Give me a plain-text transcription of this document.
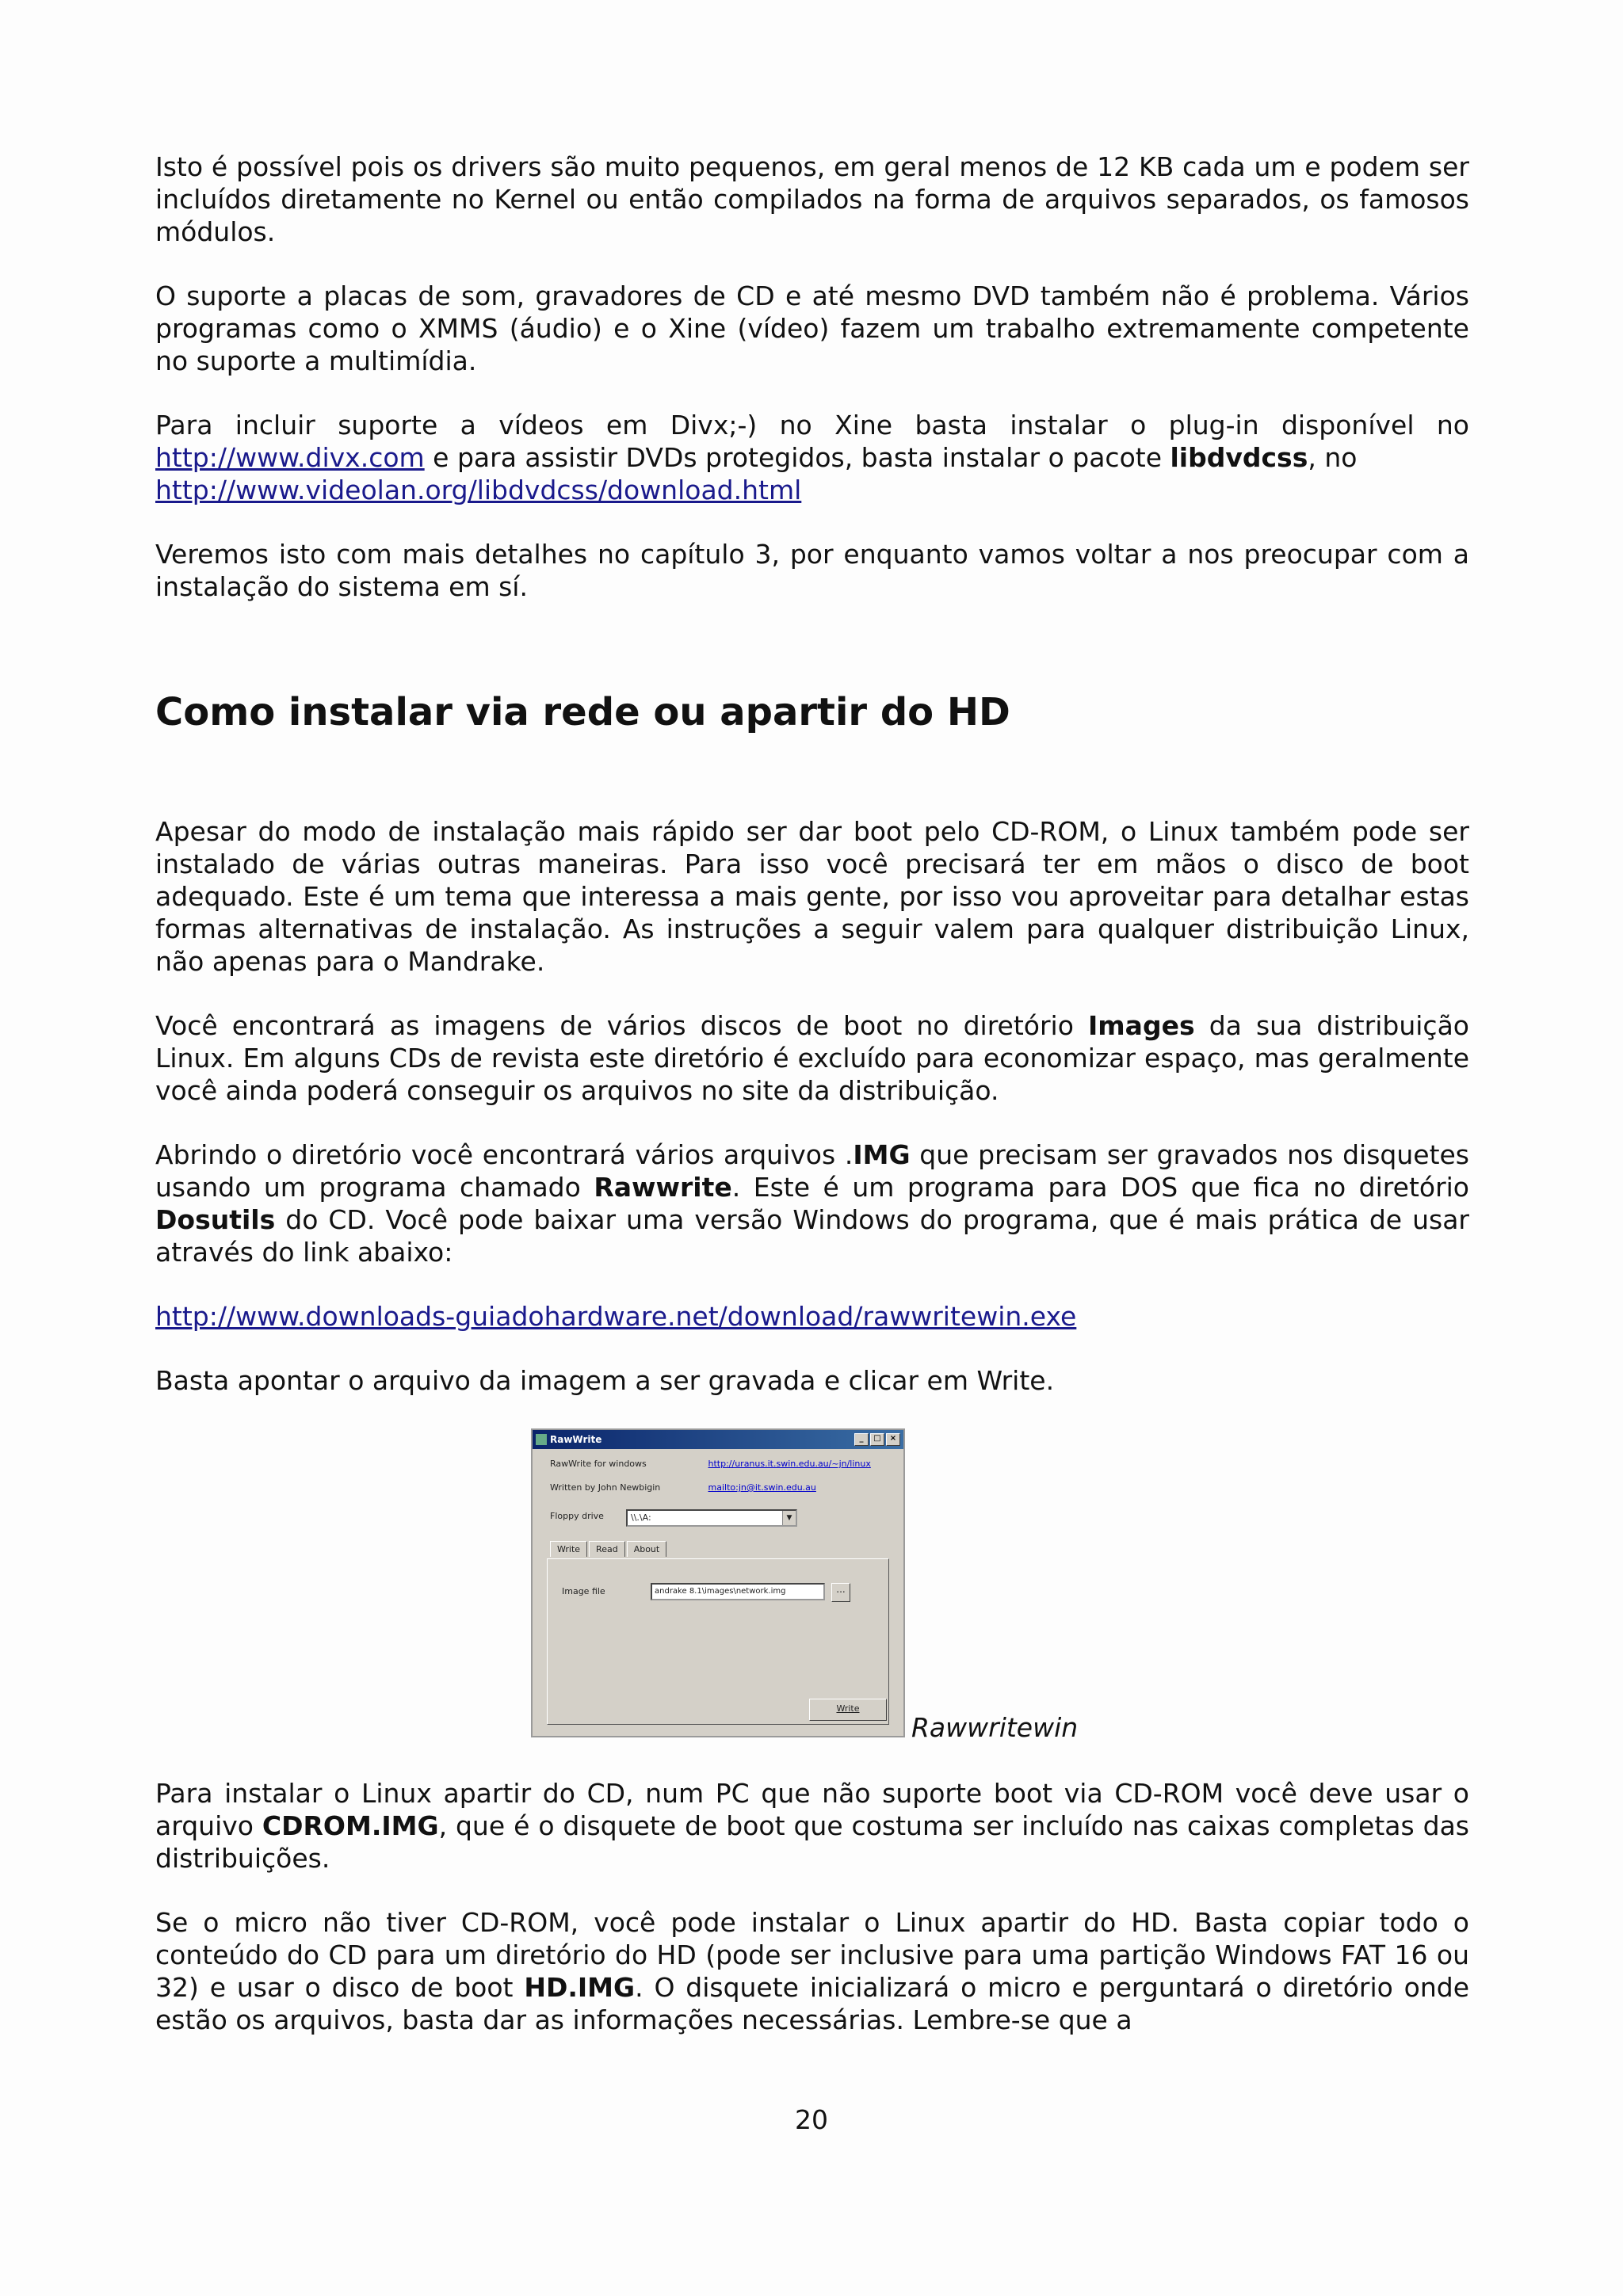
Isto é possível pois os drivers são muito pequenos, em geral menos de 12 KB cada um e podem ser incluídos diretamente no Kernel ou então compilados na forma de arquivos separados, os famosos módulos.

O suporte a placas de som, gravadores de CD e até mesmo DVD também não é problema. Vários programas como o XMMS (áudio) e o Xine (vídeo) fazem um trabalho extremamente competente no suporte a multimídia.

Para incluir suporte a vídeos em Divx;-) no Xine basta instalar o plug-in disponível no http://www.divx.com e para assistir DVDs protegidos, basta instalar o pacote libdvdcss, no
http://www.videolan.org/libdvdcss/download.html

Veremos isto com mais detalhes no capítulo 3, por enquanto vamos voltar a nos preocupar com a instalação do sistema em sí.

Como instalar via rede ou apartir do HD

Apesar do modo de instalação mais rápido ser dar boot pelo CD-ROM, o Linux também pode ser instalado de várias outras maneiras. Para isso você precisará ter em mãos o disco de boot adequado. Este é um tema que interessa a mais gente, por isso vou aproveitar para detalhar estas formas alternativas de instalação. As instruções a seguir valem para qualquer distribuição Linux, não apenas para o Mandrake.

Você encontrará as imagens de vários discos de boot no diretório Images da sua distribuição Linux. Em alguns CDs de revista este diretório é excluído para economizar espaço, mas geralmente você ainda poderá conseguir os arquivos no site da distribuição.

Abrindo o diretório você encontrará vários arquivos .IMG que precisam ser gravados nos disquetes usando um programa chamado Rawwrite. Este é um programa para DOS que fica no diretório Dosutils do CD. Você pode baixar uma versão Windows do programa, que é mais prática de usar através do link abaixo:

http://www.downloads-guiadohardware.net/download/rawwritewin.exe

Basta apontar o arquivo da imagem a ser gravada e clicar em Write.

RawWrite	_	□	×
RawWrite for windows	http://uranus.it.swin.edu.au/~jn/linux
Written by John Newbigin	mailto:jn@it.swin.edu.au
Floppy drive	\\.\A:	▼
Write	Read	About
Image file	andrake 8.1\images\network.img	...
Write
Rawwritewin

Para instalar o Linux apartir do CD, num PC que não suporte boot via CD-ROM você deve usar o arquivo CDROM.IMG, que é o disquete de boot que costuma ser incluído nas caixas completas das distribuições.

Se o micro não tiver CD-ROM, você pode instalar o Linux apartir do HD. Basta copiar todo o conteúdo do CD para um diretório do HD (pode ser inclusive para uma partição Windows FAT 16 ou 32) e usar o disco de boot HD.IMG. O disquete inicializará o micro e perguntará o diretório onde estão os arquivos, basta dar as informações necessárias. Lembre-se que a

20
